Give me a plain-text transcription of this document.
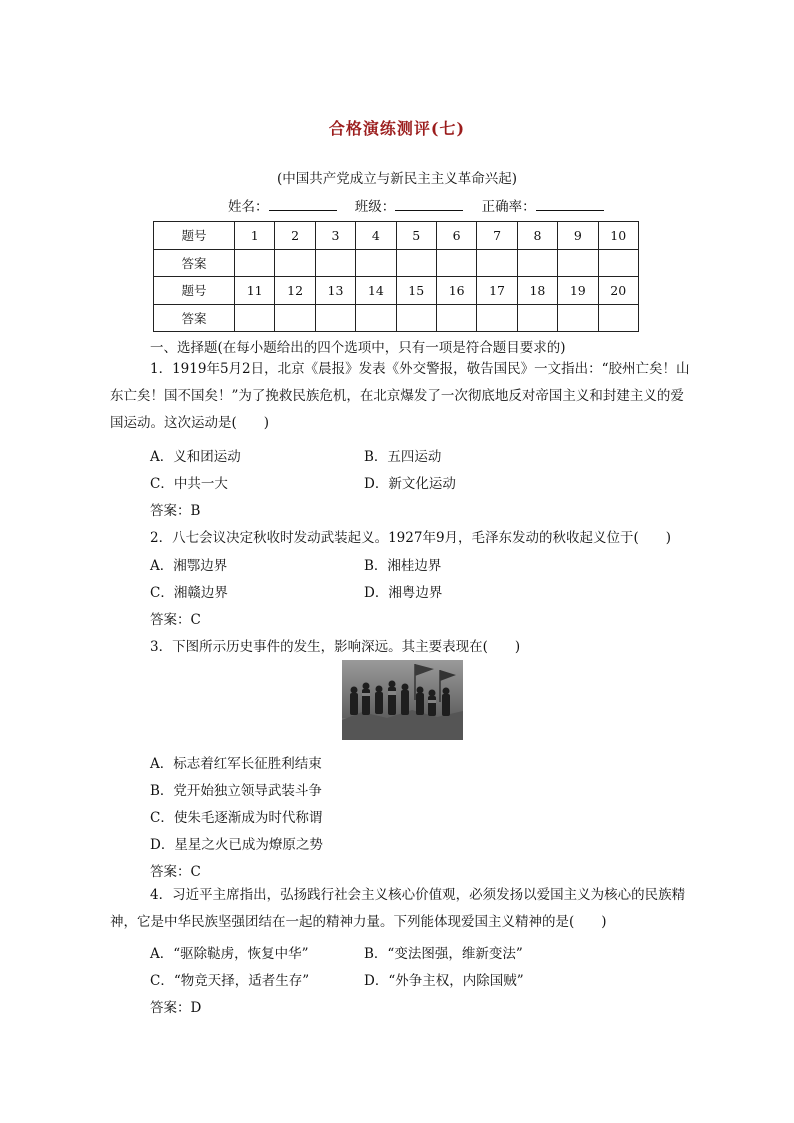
合格演练测评(七)
(中国共产党成立与新民主主义革命兴起)
姓名：	班级：	正确率：
题号	1	2	3	4	5	6	7	8	9	10
答案										
题号	11	12	13	14	15	16	17	18	19	20
答案										
一、选择题(在每小题给出的四个选项中，只有一项是符合题目要求的)
1．1919年5月2日，北京《晨报》发表《外交警报，敬告国民》一文指出：“胶州亡矣！山东亡矣！国不国矣！”为了挽救民族危机，在北京爆发了一次彻底地反对帝国主义和封建主义的爱国运动。这次运动是(　　)
A．义和团运动	B．五四运动
C．中共一大	D．新文化运动
答案：B
2．八七会议决定秋收时发动武装起义。1927年9月，毛泽东发动的秋收起义位于(　　)
A．湘鄂边界	B．湘桂边界
C．湘赣边界	D．湘粤边界
答案：C
3．下图所示历史事件的发生，影响深远。其主要表现在(　　)
A．标志着红军长征胜利结束
B．党开始独立领导武装斗争
C．使朱毛逐渐成为时代称谓
D．星星之火已成为燎原之势
答案：C
4．习近平主席指出，弘扬践行社会主义核心价值观，必须发扬以爱国主义为核心的民族精神，它是中华民族坚强团结在一起的精神力量。下列能体现爱国主义精神的是(　　)
A．“驱除鞑虏，恢复中华”	B．“变法图强，维新变法”
C．“物竞天择，适者生存”	D．“外争主权，内除国贼”
答案：D
